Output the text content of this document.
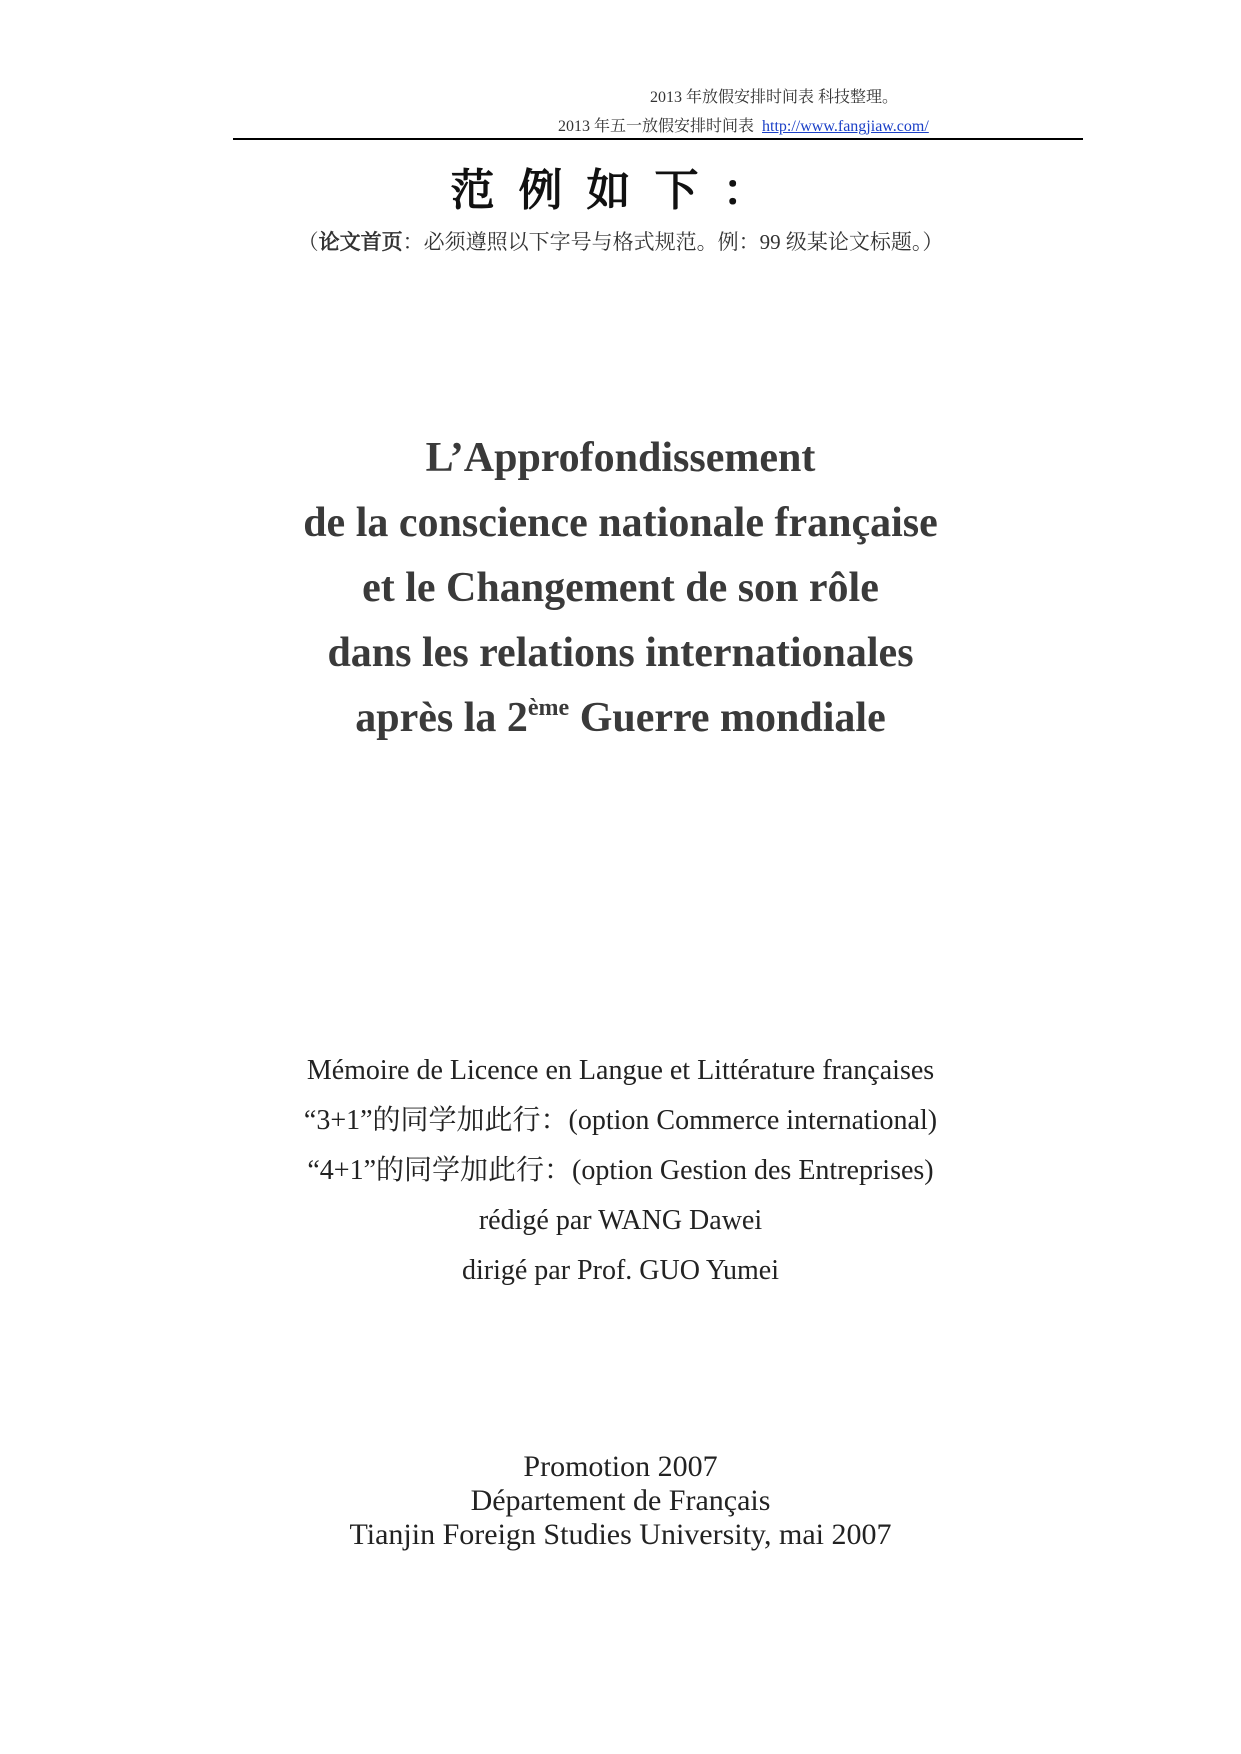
2013 年放假安排时间表 科技整理。
2013 年五一放假安排时间表 http://www.fangjiaw.com/
范例如下：
（论文首页：必须遵照以下字号与格式规范。例：99 级某论文标题。）
L’Approfondissement
de la conscience nationale française
et le Changement de son rôle
dans les relations internationales
après la 2ème Guerre mondiale
Mémoire de Licence en Langue et Littérature françaises
“3+1”的同学加此行：(option Commerce international)
“4+1”的同学加此行：(option Gestion des Entreprises)
rédigé par WANG Dawei
dirigé par Prof. GUO Yumei
Promotion 2007
Département de Français
Tianjin Foreign Studies University, mai 2007
